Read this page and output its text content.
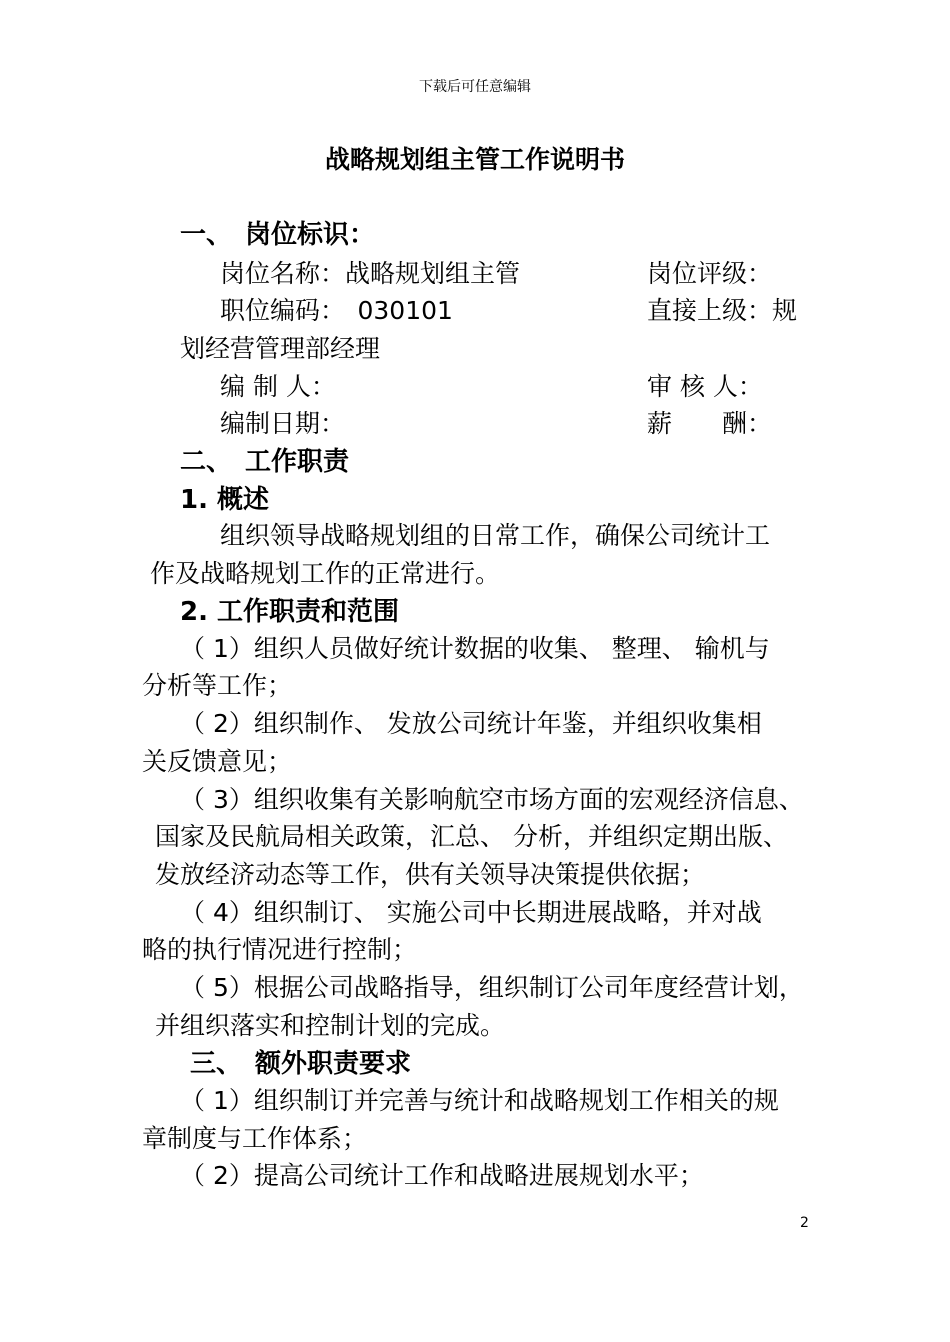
下载后可任意编辑
战略规划组主管工作说明书
一、　岗位标识：
岗位名称：战略规划组主管	岗位评级：
职位编码：　030101	直接上级：规
划经营管理部经理
编 制 人：	审 核 人：
编制日期：	薪　　酬：
二、　工作职责
1. 概述
组织领导战略规划组的日常工作，确保公司统计工
作及战略规划工作的正常进行。
2. 工作职责和范围
（ 1）组织人员做好统计数据的收集、 整理、 输机与
分析等工作；
（ 2）组织制作、 发放公司统计年鉴，并组织收集相
关反馈意见；
（ 3）组织收集有关影响航空市场方面的宏观经济信息、
国家及民航局相关政策，汇总、 分析，并组织定期出版、
发放经济动态等工作，供有关领导决策提供依据；
（ 4）组织制订、 实施公司中长期进展战略，并对战
略的执行情况进行控制；
（ 5）根据公司战略指导，组织制订公司年度经营计划，
并组织落实和控制计划的完成。
三、　额外职责要求
（ 1）组织制订并完善与统计和战略规划工作相关的规
章制度与工作体系；
（ 2）提高公司统计工作和战略进展规划水平；
2
